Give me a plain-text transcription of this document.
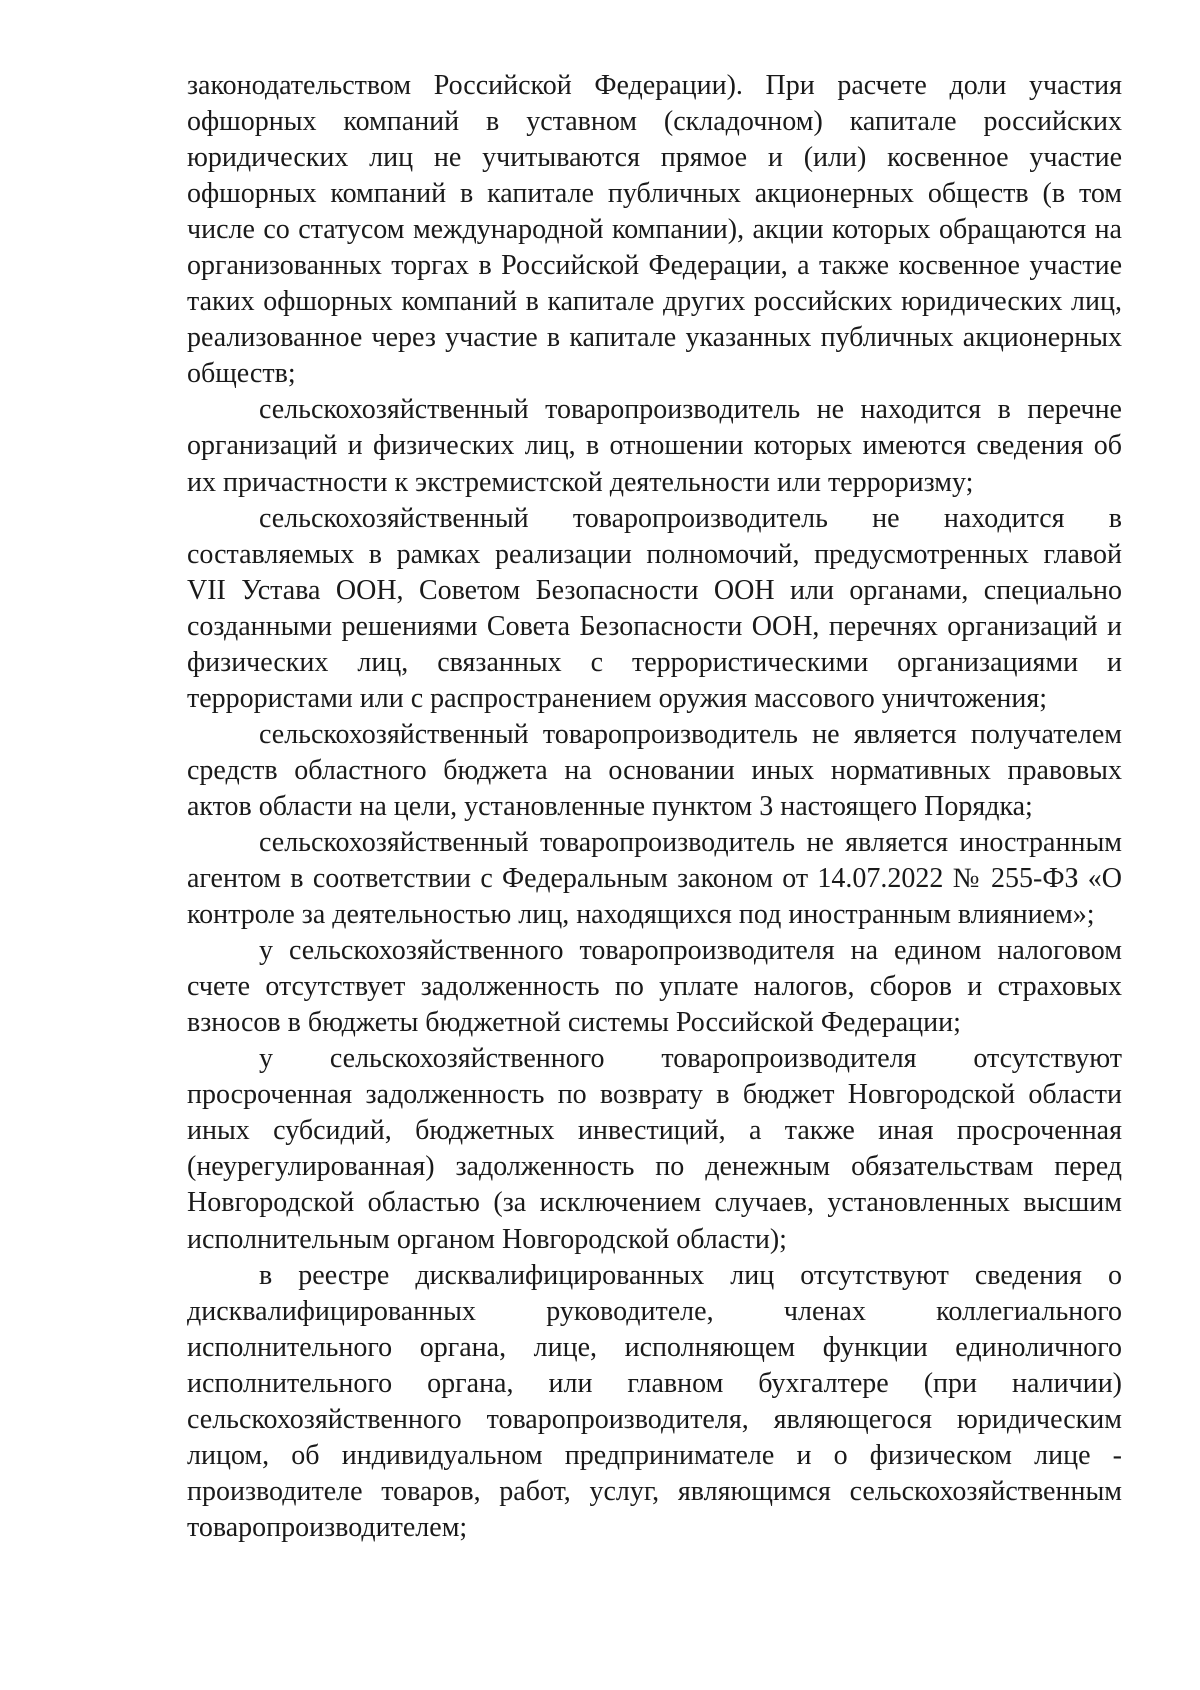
законодательством Российской Федерации). При расчете доли участия офшорных компаний в уставном (складочном) капитале российских юридических лиц не учитываются прямое и (или) косвенное участие офшорных компаний в капитале публичных акционерных обществ (в том числе со статусом международной компании), акции которых обращаются на организованных торгах в Российской Федерации, а также косвенное участие таких офшорных компаний в капитале других российских юридических лиц, реализованное через участие в капитале указанных публичных акционерных обществ;

сельскохозяйственный товаропроизводитель не находится в перечне организаций и физических лиц, в отношении которых имеются сведения об их причастности к экстремистской деятельности или терроризму;

сельскохозяйственный товаропроизводитель не находится в составляемых в рамках реализации полномочий, предусмотренных главой VII Устава ООН, Советом Безопасности ООН или органами, специально созданными решениями Совета Безопасности ООН, перечнях организаций и физических лиц, связанных с террористическими организациями и террористами или с распространением оружия массового уничтожения;

сельскохозяйственный товаропроизводитель не является получателем средств областного бюджета на основании иных нормативных правовых актов области на цели, установленные пунктом 3 настоящего Порядка;

сельскохозяйственный товаропроизводитель не является иностранным агентом в соответствии с Федеральным законом от 14.07.2022 № 255-ФЗ «О контроле за деятельностью лиц, находящихся под иностранным влиянием»;

у сельскохозяйственного товаропроизводителя на едином налоговом счете отсутствует задолженность по уплате налогов, сборов и страховых взносов в бюджеты бюджетной системы Российской Федерации;

у сельскохозяйственного товаропроизводителя отсутствуют просроченная задолженность по возврату в бюджет Новгородской области иных субсидий, бюджетных инвестиций, а также иная просроченная (неурегулированная) задолженность по денежным обязательствам перед Новгородской областью (за исключением случаев, установленных высшим исполнительным органом Новгородской области);

в реестре дисквалифицированных лиц отсутствуют сведения о дисквалифицированных руководителе, членах коллегиального исполнительного органа, лице, исполняющем функции единоличного исполнительного органа, или главном бухгалтере (при наличии) сельскохозяйственного товаропроизводителя, являющегося юридическим лицом, об индивидуальном предпринимателе и о физическом лице - производителе товаров, работ, услуг, являющимся сельскохозяйственным товаропроизводителем;
